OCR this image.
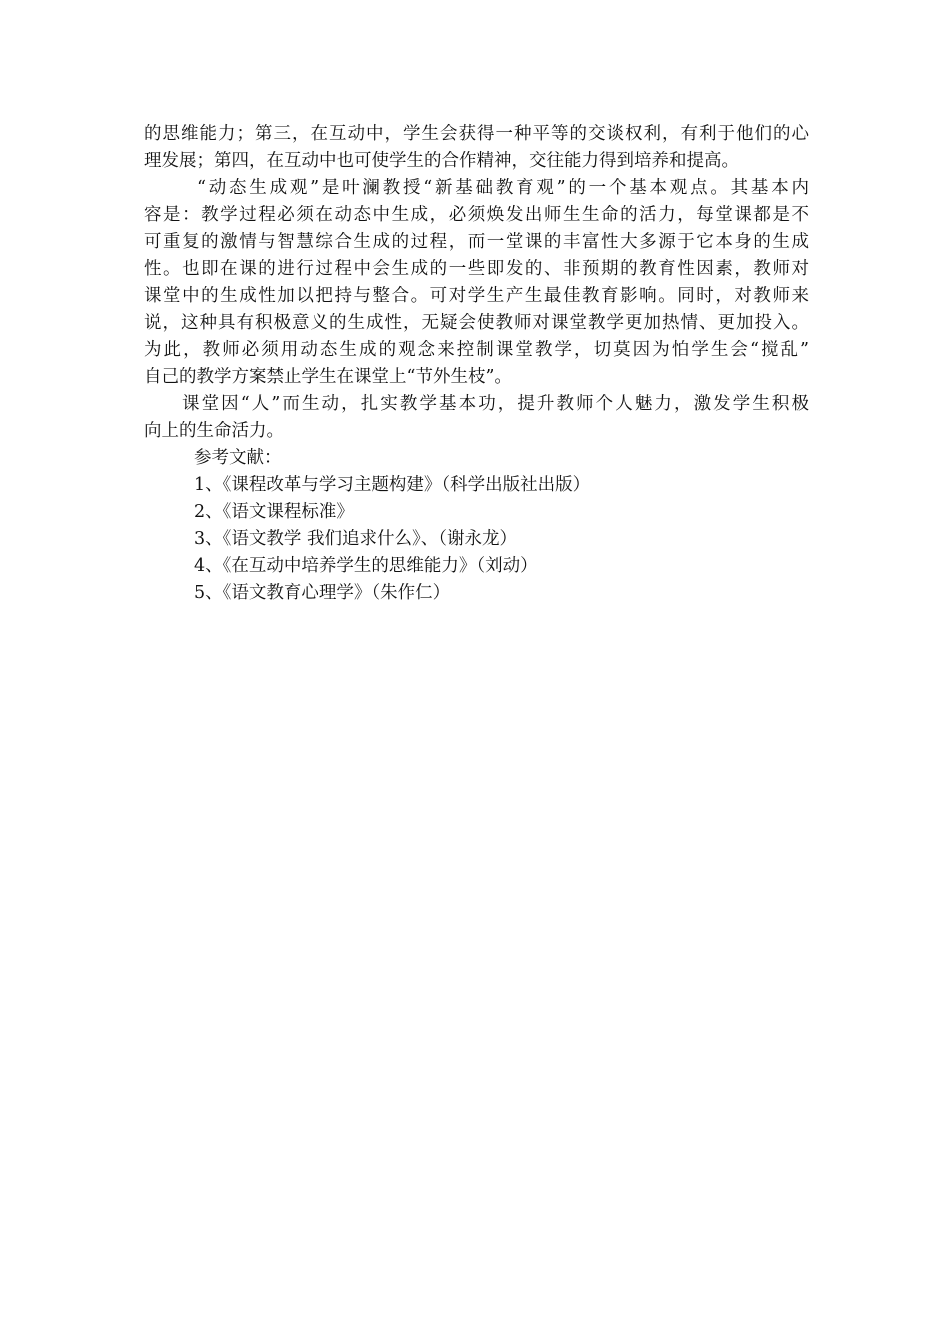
的思维能力；第三，在互动中，学生会获得一种平等的交谈权利，有利于他们的心
理发展；第四，在互动中也可使学生的合作精神，交往能力得到培养和提高。
“动态生成观”是叶澜教授“新基础教育观”的一个基本观点。其基本内
容是：教学过程必须在动态中生成，必须焕发出师生生命的活力，每堂课都是不
可重复的激情与智慧综合生成的过程，而一堂课的丰富性大多源于它本身的生成
性。也即在课的进行过程中会生成的一些即发的、非预期的教育性因素，教师对
课堂中的生成性加以把持与整合。可对学生产生最佳教育影响。同时，对教师来
说，这种具有积极意义的生成性，无疑会使教师对课堂教学更加热情、更加投入。
为此，教师必须用动态生成的观念来控制课堂教学，切莫因为怕学生会“搅乱”
自己的教学方案禁止学生在课堂上“节外生枝”。
课堂因“人”而生动，扎实教学基本功，提升教师个人魅力，激发学生积极
向上的生命活力。
参考文献：
1、《课程改革与学习主题构建》（科学出版社出版）
2、《语文课程标准》
3、《语文教学 我们追求什么》、（谢永龙）
4、《在互动中培养学生的思维能力》（刘动）
5、《语文教育心理学》（朱作仁）
